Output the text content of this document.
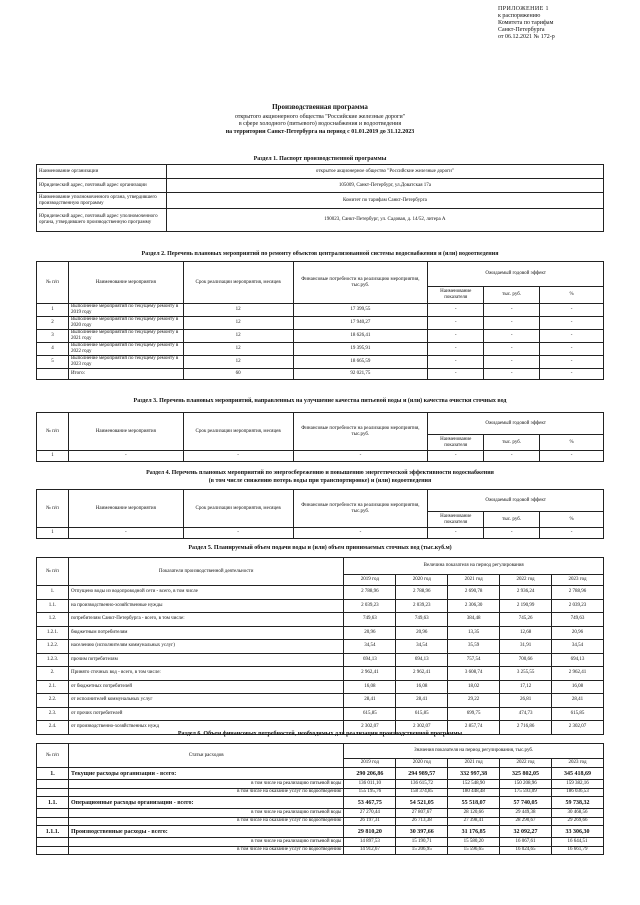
ПРИЛОЖЕНИЕ 1
к распоряжению
Комитета по тарифам
Санкт-Петербурга
от 06.12.2021 № 172-р
Производственная программа
открытого акционерного общества "Российские железные дороги"
в сфере холодного (питьевого) водоснабжения и водоотведения
на территории Санкт-Петербурга на период с 01.01.2019 до 31.12.2023
Раздел 1. Паспорт производственной программы
Наименование организации	открытое акционерное общество "Российские железные дороги"
Юридический адрес, почтовый адрес организации	105009, Санкт-Петербург, ул.Доватская 17а
Наименование уполномоченного органа, утвердившего производственную программу	Комитет по тарифам Санкт-Петербурга
Юридический адрес, почтовый адрес уполномоченного органа, утвердившего производственную программу	190023, Санкт-Петербург, ул. Садовая, д. 14/52, литера А
Раздел 2. Перечень плановых мероприятий по ремонту объектов централизованной системы водоснабжения и (или) водоотведения
№ п/п	Наименование мероприятия	Срок реализации мероприятия, месяцев	Финансовые потребности на реализацию мероприятия, тыс.руб.	Ожидаемый годовой эффект		
				Наименование показателя	тыс. руб.	%
1	Выполнение мероприятий по текущему ремонту в 2019 году	12	17 399,55	-	-	-
2	Выполнение мероприятий по текущему ремонту в 2020 году	12	17 940,27	-	-	-
3	Выполнение мероприятий по текущему ремонту в 2021 году	12	18 626,41	-	-	-
4	Выполнение мероприятий по текущему ремонту в 2022 году	12	19 395,91	-	-	-
5	Выполнение мероприятий по текущему ремонту в 2023 году	12	18 665,59	-	-	-
	Итого:	60	92 021,75	-	-	-
Раздел 3. Перечень плановых мероприятий, направленных на улучшение качества питьевой воды и (или) качества очистки сточных вод
№ п/п	Наименование мероприятия	Срок реализации мероприятия, месяцев	Финансовые потребности на реализацию мероприятия, тыс.руб.	Ожидаемый годовой эффект		
				Наименование показателя	тыс. руб.	%
1	-	-	-	-	-	-
Раздел 4. Перечень плановых мероприятий по энергосбережению и повышению энергетической эффективности водоснабжения
(в том числе снижению потерь воды при транспортировке) и (или) водоотведения
№ п/п	Наименование мероприятия	Срок реализации мероприятия, месяцев	Финансовые потребности на реализацию мероприятия, тыс.руб.	Ожидаемый годовой эффект		
				Наименование показателя	тыс. руб.	%
1	-	-	-	-	-	-
Раздел 5. Планируемый объем подачи воды и (или) объем принимаемых сточных вод (тыс.куб.м)
№ п/п	Показатели производственной деятельности	Величина показателя на период регулирования				
		2019 год	2020 год	2021 год	2022 год	2023 год
1.	Отпущено воды из водопроводной сети - всего, в том числе	2 788,96	2 788,96	2 690,78	2 936,24	2 788,96
1.1.	на производственно-хозяйственные нужды	2 039,23	2 039,23	2 306,30	2 190,99	2 039,23
1.2.	потребителям Санкт-Петербурга - всего, в том числе:	749,63	749,63	384,48	745,26	749,63
1.2.1.	бюджетным потребителям	20,96	20,96	13,35	12,68	20,96
1.2.2.	населению (исполнителям коммунальных услуг)	34,54	34,54	35,59	31,91	34,54
1.2.3.	прочим потребителям	694,13	694,13	757,54	700,66	694,13
2.	Принято сточных вод - всего, в том числе:	2 962,41	2 962,41	3 608,74	3 255,55	2 962,41
2.1.	от бюджетных потребителей	16,08	16,08	18,02	17,12	16,08
2.2.	от исполнителей коммунальных услуг	28,41	28,41	29,22	26,81	28,41
2.3.	от прочих потребителей	615,85	615,85	699,75	474,73	615,85
2.4.	от производственно-хозяйственных нужд	2 302,07	2 302,07	2 857,74	2 716,86	2 302,07
Раздел 6. Объем финансовых потребностей, необходимых для реализации производственной программы
№ п/п	Статьи расходов	Значения показателя на период регулирования, тыс.руб.				
		2019 год	2020 год	2021 год	2022 год	2023 год
1.	Текущие расходы организации - всего:	290 206,86	294 989,57	332 997,38	325 802,05	345 418,69
	в том числе на реализацию питьевой воды	136 011,10	136 615,72	152 548,90	150 208,96	159 382,16
	в том числе на оказание услуг по водоотведению	155 195,76	158 374,85	180 448,48	175 593,09	186 036,53
1.1.	Операционные расходы организации - всего:	53 467,75	54 521,05	55 518,07	57 740,05	59 738,32
	в том числе на реализацию питьевой воды	27 270,44	27 807,67	28 120,66	29 449,38	30 468,56
	в том числе на оказание услуг по водоотведению	26 197,31	26 713,38	27 398,41	28 290,67	29 269,66
1.1.1.	Производственные расходы - всего:	29 810,20	30 397,66	31 176,85	32 092,27	33 306,30
	в том числе на реализацию питьевой воды	14 897,53	15 190,71	15 580,20	16 067,61	16 644,51
	в том числе на оказание услуг по водоотведению	14 912,67	15 206,95	15 596,65	16 024,65	16 661,79
